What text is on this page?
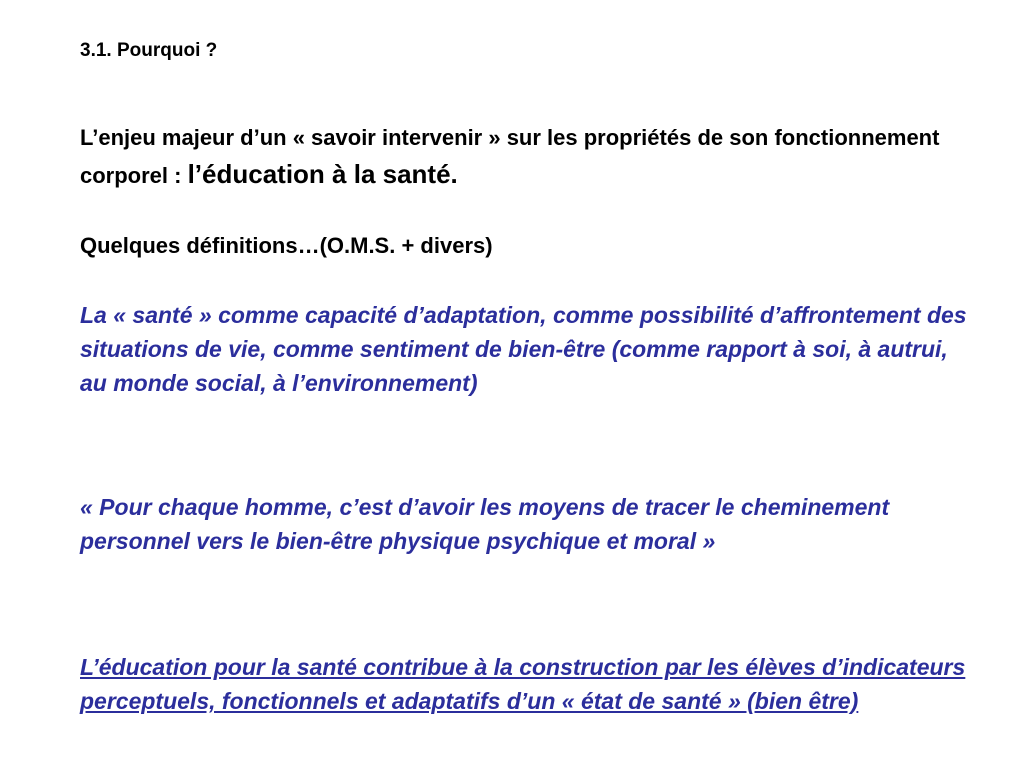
3.1. Pourquoi ?
L’enjeu majeur d’un « savoir intervenir » sur les propriétés de son fonctionnement corporel : l’éducation à la santé.
Quelques définitions…(O.M.S. + divers)
La « santé » comme capacité d’adaptation, comme possibilité d’affrontement des situations de vie, comme sentiment de bien-être (comme rapport à soi, à autrui, au monde social, à l’environnement)
« Pour chaque homme, c’est d’avoir les moyens de tracer le cheminement personnel vers le bien-être physique psychique et moral »
L’éducation pour la santé contribue à la construction par les élèves d’indicateurs perceptuels, fonctionnels et adaptatifs d’un « état de santé » (bien être)
